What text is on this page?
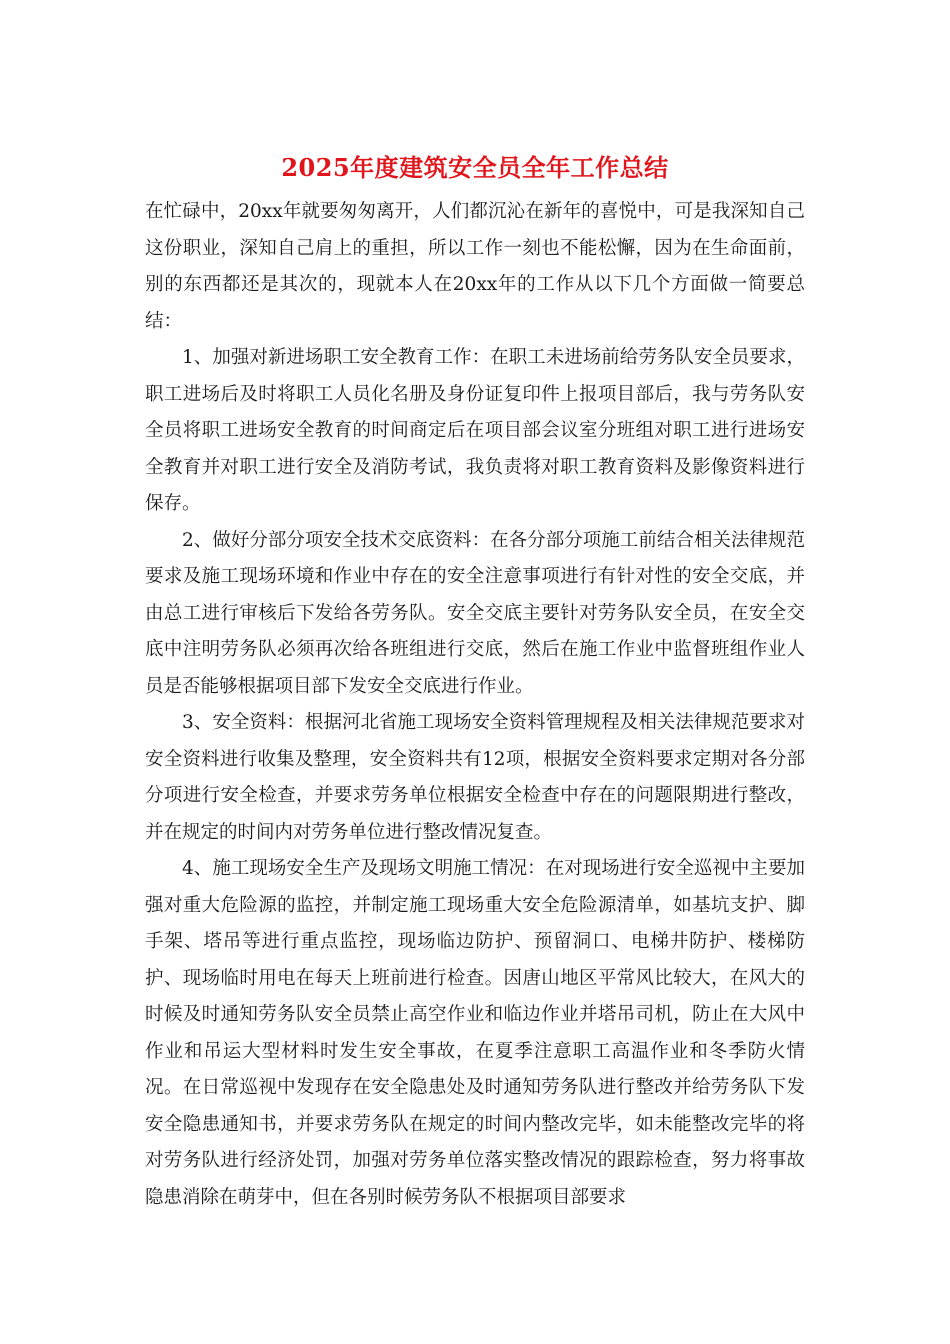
2025年度建筑安全员全年工作总结

在忙碌中，20xx年就要匆匆离开，人们都沉沁在新年的喜悦中，可是我深知自己这份职业，深知自己肩上的重担，所以工作一刻也不能松懈，因为在生命面前，别的东西都还是其次的，现就本人在20xx年的工作从以下几个方面做一简要总结：

1、加强对新进场职工安全教育工作：在职工未进场前给劳务队安全员要求，职工进场后及时将职工人员化名册及身份证复印件上报项目部后，我与劳务队安全员将职工进场安全教育的时间商定后在项目部会议室分班组对职工进行进场安全教育并对职工进行安全及消防考试，我负责将对职工教育资料及影像资料进行保存。

2、做好分部分项安全技术交底资料：在各分部分项施工前结合相关法律规范要求及施工现场环境和作业中存在的安全注意事项进行有针对性的安全交底，并由总工进行审核后下发给各劳务队。安全交底主要针对劳务队安全员，在安全交底中注明劳务队必须再次给各班组进行交底，然后在施工作业中监督班组作业人员是否能够根据项目部下发安全交底进行作业。

3、安全资料：根据河北省施工现场安全资料管理规程及相关法律规范要求对安全资料进行收集及整理，安全资料共有12项，根据安全资料要求定期对各分部分项进行安全检查，并要求劳务单位根据安全检查中存在的问题限期进行整改，并在规定的时间内对劳务单位进行整改情况复查。

4、施工现场安全生产及现场文明施工情况：在对现场进行安全巡视中主要加强对重大危险源的监控，并制定施工现场重大安全危险源清单，如基坑支护、脚手架、塔吊等进行重点监控，现场临边防护、预留洞口、电梯井防护、楼梯防护、现场临时用电在每天上班前进行检查。因唐山地区平常风比较大，在风大的时候及时通知劳务队安全员禁止高空作业和临边作业并塔吊司机，防止在大风中作业和吊运大型材料时发生安全事故，在夏季注意职工高温作业和冬季防火情况。在日常巡视中发现存在安全隐患处及时通知劳务队进行整改并给劳务队下发安全隐患通知书，并要求劳务队在规定的时间内整改完毕，如未能整改完毕的将对劳务队进行经济处罚，加强对劳务单位落实整改情况的跟踪检查，努力将事故隐患消除在萌芽中，但在各别时候劳务队不根据项目部要求
